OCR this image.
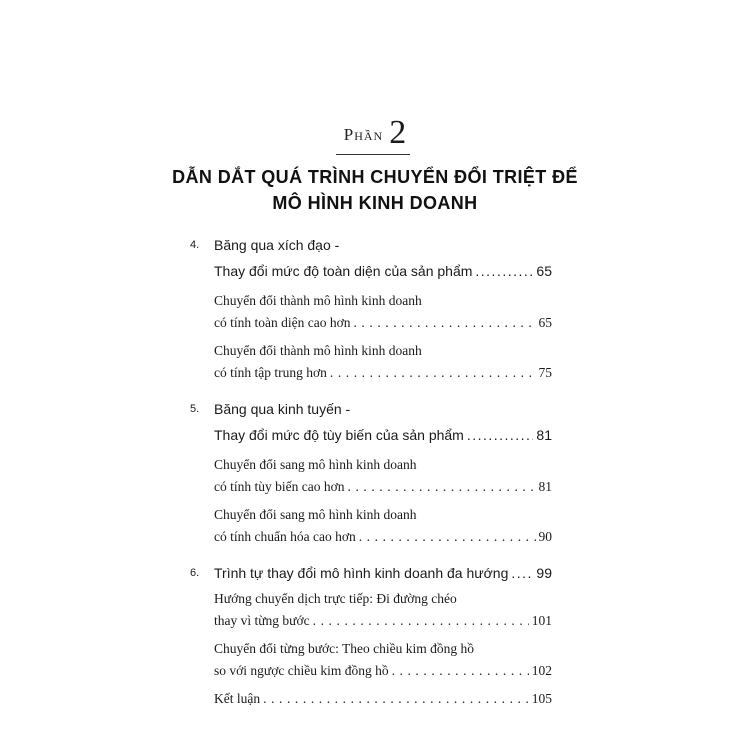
Phần 2
DẪN DẮT QUÁ TRÌNH CHUYỂN ĐỔI TRIỆT ĐỂ
MÔ HÌNH KINH DOANH
4.	Băng qua xích đạo -
Thay đổi mức độ toàn diện của sản phẩm . . .	65
Chuyển đổi thành mô hình kinh doanh
có tính toàn diện cao hơn . . .	65
Chuyển đổi thành mô hình kinh doanh
có tính tập trung hơn . . .	75
5.	Băng qua kinh tuyến -
Thay đổi mức độ tùy biến của sản phẩm . . .	81
Chuyển đổi sang mô hình kinh doanh
có tính tùy biến cao hơn . . .	81
Chuyển đổi sang mô hình kinh doanh
có tính chuẩn hóa cao hơn . . .	90
6.	Trình tự thay đổi mô hình kinh doanh đa hướng . . . 99
Hướng chuyển dịch trực tiếp: Đi đường chéo
thay vì từng bước . . .	101
Chuyển đổi từng bước: Theo chiều kim đồng hồ
so với ngược chiều kim đồng hồ . . .	102
Kết luận . . .	105
